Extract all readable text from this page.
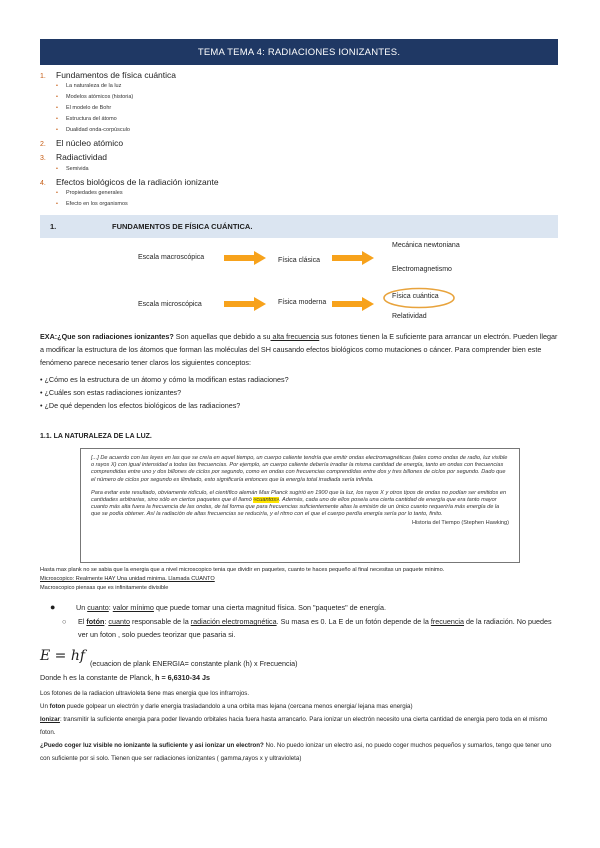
TEMA TEMA 4: RADIACIONES IONIZANTES.
1. Fundamentos de física cuántica
• La naturaleza de la luz
• Modelos atómicos (historia)
• El modelo de Bohr
• Estructura del átomo
• Dualidad onda-corpúsculo
2. El núcleo atómico
3. Radiactividad
• Semivida
4. Efectos biológicos de la radiación ionizante
• Propiedades generales
• Efecto en los organismos
1.	FUNDAMENTOS DE FÍSICA CUÁNTICA.
Escala macroscópica
Escala microscópica
Física clásica
Física moderna
Mecánica newtoniana
Electromagnetismo
Física cuántica
Relatividad
EXA:¿Que son radiaciones ionizantes? Son aquellas que debido a su alta frecuencia sus fotones tienen la E suficiente para arrancar un electrón. Pueden llegar a modificar la estructura de los átomos que forman las moléculas del SH causando efectos biológicos como mutaciones o cáncer. Para comprender bien este fenómeno parece necesario tener claros los siguientes conceptos:
• ¿Cómo es la estructura de un átomo y cómo la modifican estas radiaciones?
• ¿Cuáles son estas radiaciones ionizantes?
• ¿De qué dependen los efectos biológicos de las radiaciones?
1.1. LA NATURALEZA DE LA LUZ.

[...] De acuerdo con las leyes en las que se creía en aquel tiempo, un cuerpo caliente tendría que emitir ondas electromagnéticas (tales como ondas de radio, luz visible o rayos X) con igual intensidad a todas las frecuencias. Por ejemplo, un cuerpo caliente debería irradiar la misma cantidad de energía, tanto en ondas con frecuencias comprendidas entre uno y dos billones de ciclos por segundo, como en ondas con frecuencias comprendidas entre dos y tres billones de ciclos por segundo. Dado que el número de ciclos por segundo es ilimitado, esto significaría entonces que la energía total irradiada sería infinita.

Para evitar este resultado, obviamente ridículo, el científico alemán Max Planck sugirió en 1900 que la luz, los rayos X y otros tipos de ondas no podían ser emitidos en cantidades arbitrarias, sino sólo en ciertos paquetes que él llamó «cuantos». Además, cada uno de ellos poseía una cierta cantidad de energía que era tanto mayor cuanto más alta fuera la frecuencia de las ondas, de tal forma que para frecuencias suficientemente altas la emisión de un único cuanto requeriría más energía de la que se podía obtener. Así la radiación de altas frecuencias se reduciría, y el ritmo con el que el cuerpo perdía energía sería por lo tanto, finito.

Historia del Tiempo (Stephen Hawking)

Hasta max plank no se sabia que la energia que a nivel microscopico tenia que dividir en paquetes, cuanto te haces pequeño al final necesitas un paquete minimo.
Microscopico: Realmente HAY Una unidad minima. Llamada CUANTO
Macroscopico piensas que es infinitamente divisible
●	Un cuanto: valor mínimo que puede tomar una cierta magnitud física. Son "paquetes" de energía.
○	El fotón: cuanto responsable de la radiación electromagnética. Su masa es 0. La E de un fotón depende de la frecuencia de la radiación. No puedes ver un foton , solo puedes teorizar que pasaria si.
E = hf (ecuacion de plank ENERGIA= constante plank (h) x Frecuencia)
Donde h es la constante de Planck, h = 6,6310-34 Js
Los fotones de la radiacion ultravioleta tiene mas energia que los infrarrojos.
Un foton puede golpear un electrón y darle energia trasladandolo a una orbita mas lejana (cercana menos energia/ lejana mas energia)
Ionizar: transmitir la suficiente energia para poder llevando orbitales hacia fuera hasta arrancarlo. Para ionizar un electrón necesito una cierta cantidad de energia pero toda en el mismo foton.
¿Puedo coger luz visible no ionizante la suficiente y asi ionizar un electron? No. No puedo ionizar un electro asi, no puedo coger muchos pequeños y sumarlos, tengo que tener uno con suficiente por si solo. Tienen que ser radiaciones ionizantes ( gamma,rayos x y ultravioleta)
